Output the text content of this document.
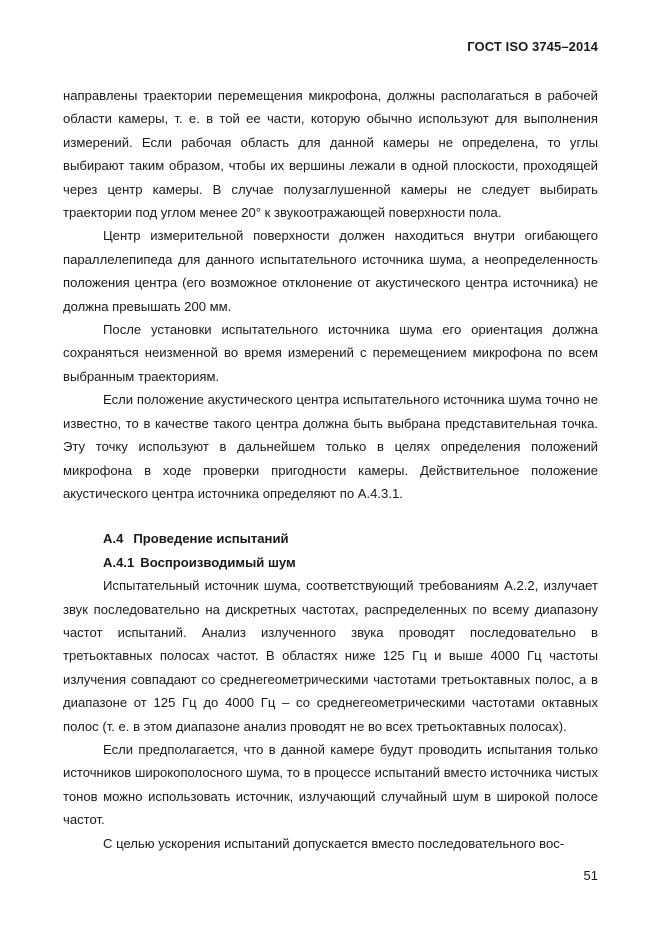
ГОСТ ISO 3745–2014

направлены траектории перемещения микрофона, должны располагаться в рабочей области камеры, т. е. в той ее части, которую обычно используют для выполнения измерений. Если рабочая область для данной камеры не определена, то углы выбирают таким образом, чтобы их вершины лежали в одной плоскости, проходящей через центр камеры. В случае полузаглушенной камеры не следует выбирать траектории под углом менее 20° к звукоотражающей поверхности пола.

Центр измерительной поверхности должен находиться внутри огибающего параллелепипеда для данного испытательного источника шума, а неопределенность положения центра (его возможное отклонение от акустического центра источника) не должна превышать 200 мм.

После установки испытательного источника шума его ориентация должна сохраняться неизменной во время измерений с перемещением микрофона по всем выбранным траекториям.

Если положение акустического центра испытательного источника шума точно не известно, то в качестве такого центра должна быть выбрана представительная точка. Эту точку используют в дальнейшем только в целях определения положений микрофона в ходе проверки пригодности камеры. Действительное положение акустического центра источника определяют по А.4.3.1.

А.4 Проведение испытаний

А.4.1 Воспроизводимый шум

Испытательный источник шума, соответствующий требованиям А.2.2, излучает звук последовательно на дискретных частотах, распределенных по всему диапазону частот испытаний. Анализ излученного звука проводят последовательно в третьоктавных полосах частот. В областях ниже 125 Гц и выше 4000 Гц частоты излучения совпадают со среднегеометрическими частотами третьоктавных полос, а в диапазоне от 125 Гц до 4000 Гц – со среднегеометрическими частотами октавных полос (т. е. в этом диапазоне анализ проводят не во всех третьоктавных полосах).

Если предполагается, что в данной камере будут проводить испытания только источников широкополосного шума, то в процессе испытаний вместо источника чистых тонов можно использовать источник, излучающий случайный шум в широкой полосе частот.

С целью ускорения испытаний допускается вместо последовательного вос-

51
